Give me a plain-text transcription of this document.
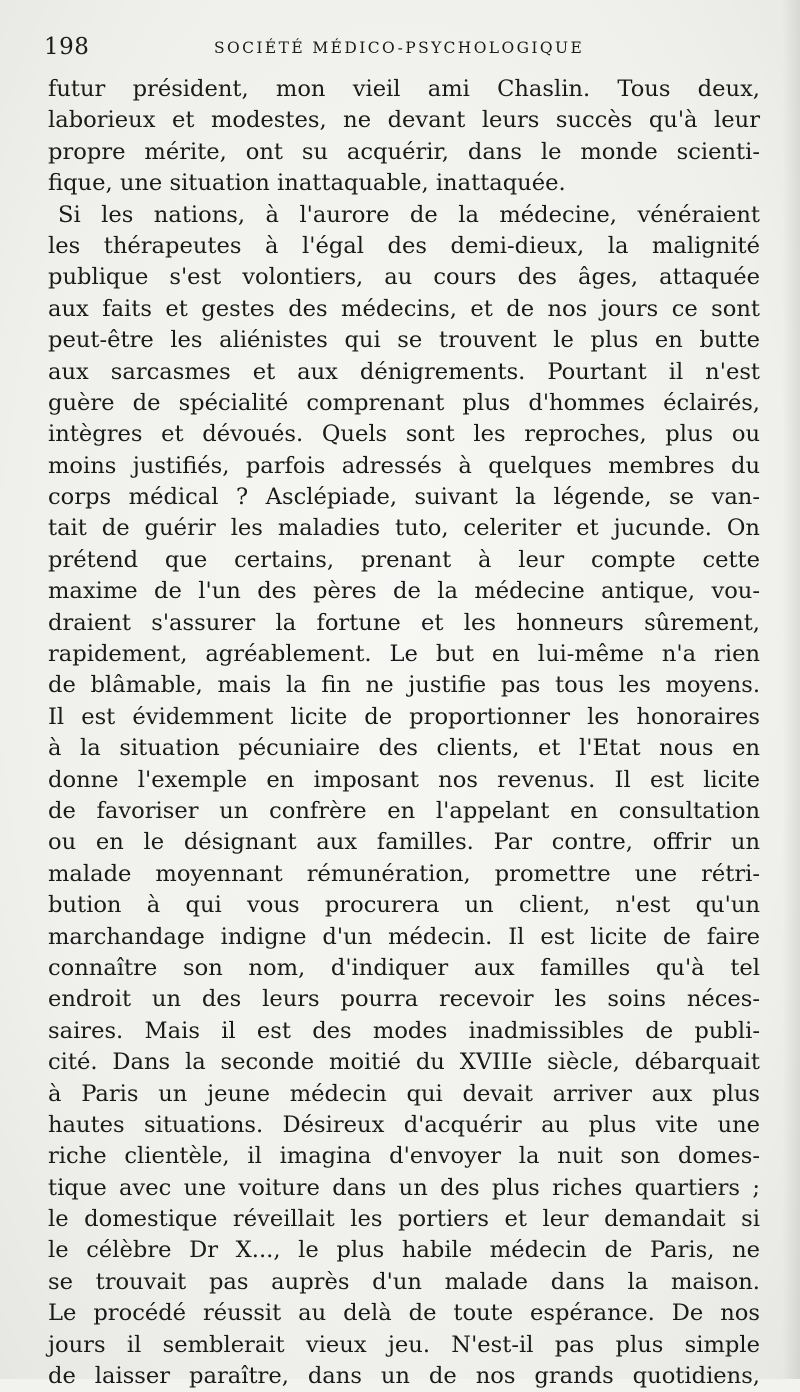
198	SOCIÉTÉ MÉDICO-PSYCHOLOGIQUE
futur président, mon vieil ami Chaslin. Tous deux,
laborieux et modestes, ne devant leurs succès qu'à leur
propre mérite, ont su acquérir, dans le monde scienti-
fique, une situation inattaquable, inattaquée.
Si les nations, à l'aurore de la médecine, vénéraient
les thérapeutes à l'égal des demi-dieux, la malignité
publique s'est volontiers, au cours des âges, attaquée
aux faits et gestes des médecins, et de nos jours ce sont
peut-être les aliénistes qui se trouvent le plus en butte
aux sarcasmes et aux dénigrements. Pourtant il n'est
guère de spécialité comprenant plus d'hommes éclairés,
intègres et dévoués. Quels sont les reproches, plus ou
moins justifiés, parfois adressés à quelques membres du
corps médical ? Asclépiade, suivant la légende, se van-
tait de guérir les maladies tuto, celeriter et jucunde. On
prétend que certains, prenant à leur compte cette
maxime de l'un des pères de la médecine antique, vou-
draient s'assurer la fortune et les honneurs sûrement,
rapidement, agréablement. Le but en lui-même n'a rien
de blâmable, mais la fin ne justifie pas tous les moyens.
Il est évidemment licite de proportionner les honoraires
à la situation pécuniaire des clients, et l'Etat nous en
donne l'exemple en imposant nos revenus. Il est licite
de favoriser un confrère en l'appelant en consultation
ou en le désignant aux familles. Par contre, offrir un
malade moyennant rémunération, promettre une rétri-
bution à qui vous procurera un client, n'est qu'un
marchandage indigne d'un médecin. Il est licite de faire
connaître son nom, d'indiquer aux familles qu'à tel
endroit un des leurs pourra recevoir les soins néces-
saires. Mais il est des modes inadmissibles de publi-
cité. Dans la seconde moitié du XVIIIe siècle, débarquait
à Paris un jeune médecin qui devait arriver aux plus
hautes situations. Désireux d'acquérir au plus vite une
riche clientèle, il imagina d'envoyer la nuit son domes-
tique avec une voiture dans un des plus riches quartiers ;
le domestique réveillait les portiers et leur demandait si
le célèbre Dr X..., le plus habile médecin de Paris, ne
se trouvait pas auprès d'un malade dans la maison.
Le procédé réussit au delà de toute espérance. De nos
jours il semblerait vieux jeu. N'est-il pas plus simple
de laisser paraître, dans un de nos grands quotidiens,
